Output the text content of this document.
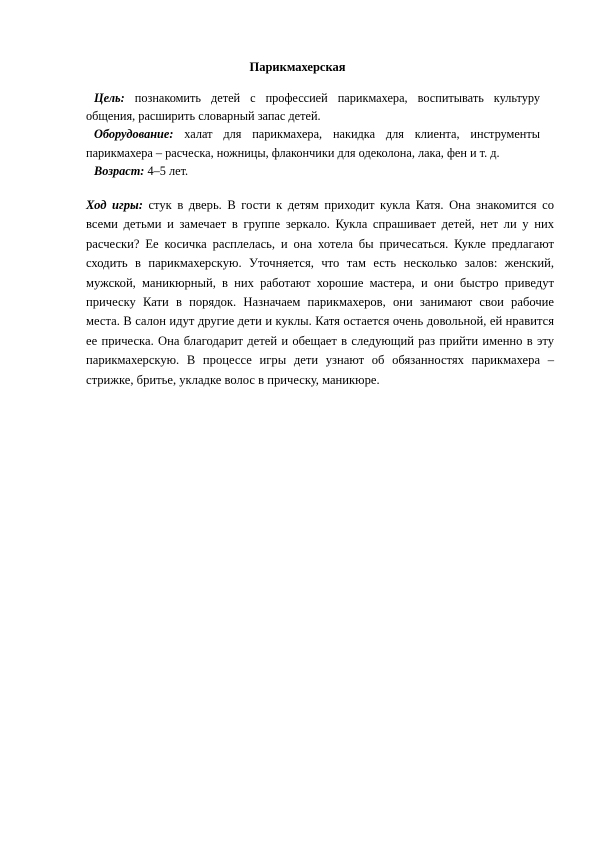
Парикмахерская

Цель: познакомить детей с профессией парикмахера, воспитывать культуру общения, расширить словарный запас детей.

Оборудование: халат для парикмахера, накидка для клиента, инструменты парикмахера – расческа, ножницы, флакончики для одеколона, лака, фен и т. д.

Возраст: 4–5 лет.

Ход игры: стук в дверь. В гости к детям приходит кукла Катя. Она знакомится со всеми детьми и замечает в группе зеркало. Кукла спрашивает детей, нет ли у них расчески? Ее косичка расплелась, и она хотела бы причесаться. Кукле предлагают сходить в парикмахерскую. Уточняется, что там есть несколько залов: женский, мужской, маникюрный, в них работают хорошие мастера, и они быстро приведут прическу Кати в порядок. Назначаем парикмахеров, они занимают свои рабочие места. В салон идут другие дети и куклы. Катя остается очень довольной, ей нравится ее прическа. Она благодарит детей и обещает в следующий раз прийти именно в эту парикмахерскую. В процессе игры дети узнают об обязанностях парикмахера – стрижке, бритье, укладке волос в прическу, маникюре.
